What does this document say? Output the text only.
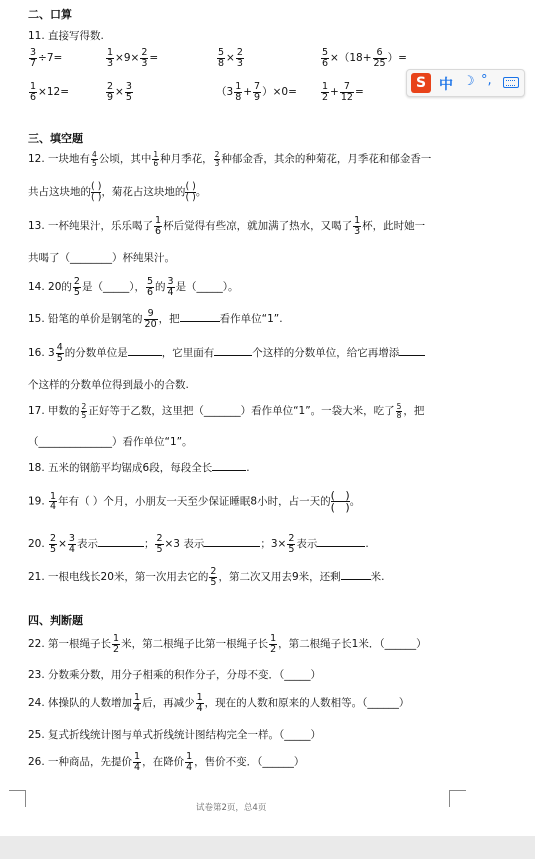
二、口算
11. 直接写得数.
$\frac{3}{7} \div 7=$	$\frac{1}{3} \times 9\times \frac{2}{3}$ =	$\frac{5}{8} \times \frac{2}{3}$	$\frac{5}{6} \times(18+ \frac{6}{25}$ ）=
$\frac{1}{6} \times 12=$	$\frac{2}{9} \times \frac{3}{5}$	$(3 \frac{1}{8} + \frac{7}{9} )\times 0=$	$\frac{1}{2} + \frac{7}{12}$ =
S 中 ☽ °,
三、填空题
12. 一块地有 $\frac{4}{5}$ 公顷，其中 $\frac{1}{6}$ 种月季花， $\frac{2}{3}$ 种郁金香，其余的种菊花，月季花和郁金香一
共占这块地的 ( )
( ) ，菊花占这块地的 ( )
( ) 。
13. 一杯纯果汁，乐乐喝了 $\frac{1}{6}$ 杯后觉得有些凉，就加满了热水，又喝了 $\frac{1}{3}$ 杯，此时她一
共喝了（________）杯纯果汁。
14. 20的 $\frac{2}{5}$ 是（_____）， $\frac{5}{6}$ 的 $\frac{3}{4}$ 是（_____）。
15. 铅笔的单价是钢笔的 $\frac{9}{20}$ ，把	看作单位“1”.
16. $3 \frac{4}{5}$ 的分数单位是	，它里面有	个这样的分数单位，给它再增添
个这样的分数单位得到最小的合数.
17. 甲数的 $\frac{2}{5}$ 正好等于乙数，这里把（_______）看作单位“1”。一袋大米，吃了 $\frac{5}{8}$ ，把
（______________）看作单位“1”。
18. 五米的钢筋平均锯成6段，每段全长	.
19. $\frac{1}{4}$ 年有（ ）个月，小朋友一天至少保证睡眠8小时，占一天的 (   )
(   ) 。
20. $\frac{2}{5} \times \frac{3}{4}$ 表示	； $\frac{2}{5} \times 3$ 表示	；$3\times \frac{2}{5}$ 表示	.
21. 一根电线长20米，第一次用去它的 $\frac{2}{5}$ ，第二次又用去9米，还剩	米.
四、判断题
22. 第一根绳子长 $\frac{1}{2}$ 米，第二根绳子比第一根绳子长 $\frac{1}{2}$ ，第二根绳子长1米．（______）
23. 分数乘分数，用分子相乘的积作分子，分母不变．（_____）
24. 体操队的人数增加 $\frac{1}{4}$ 后，再减少 $\frac{1}{4}$ ，现在的人数和原来的人数相等。（______）
25. 复式折线统计图与单式折线统计图结构完全一样。（_____）
26. 一种商品，先提价 $\frac{1}{4}$ ，在降价 $\frac{1}{4}$ ，售价不变．（______）
试卷第2页，总4页
